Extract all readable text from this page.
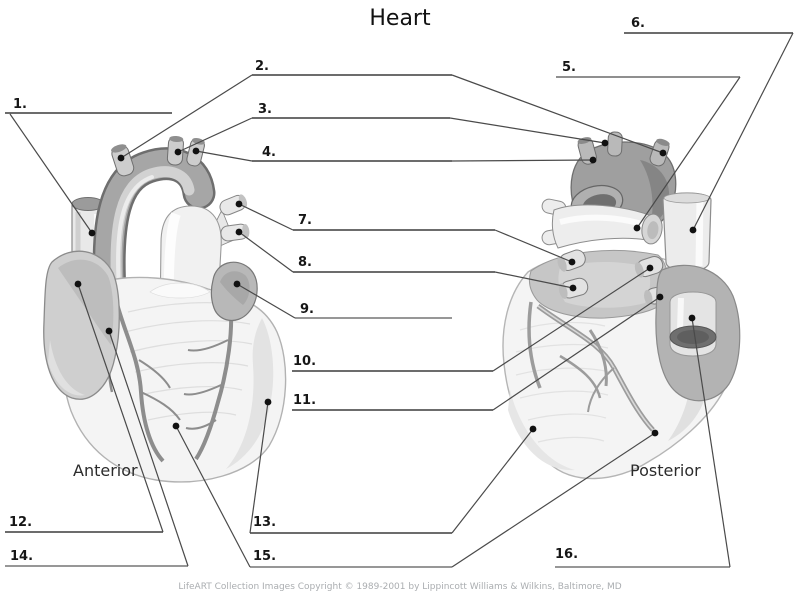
Heart
1.
2.
3.
4.
5.
6.
7.
8.
9.
10.
11.
12.	13.
14.	15.	16.
Anterior	Posterior
LifeART Collection Images Copyright © 1989-2001 by Lippincott Williams & Wilkins, Baltimore, MD
